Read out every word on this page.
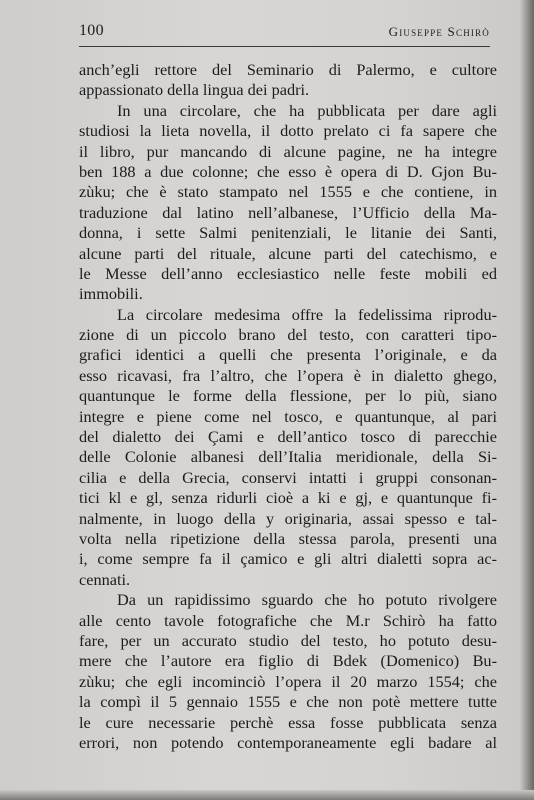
100	Giuseppe Schirò
anch’egli rettore del Seminario di Palermo, e cultore
appassionato della lingua dei padri.
In una circolare, che ha pubblicata per dare agli
studiosi la lieta novella, il dotto prelato ci fa sapere che
il libro, pur mancando di alcune pagine, ne ha integre
ben 188 a due colonne; che esso è opera di D. Gjon Bu-
zùku; che è stato stampato nel 1555 e che contiene, in
traduzione dal latino nell’albanese, l’Ufficio della Ma-
donna, i sette Salmi penitenziali, le litanie dei Santi,
alcune parti del rituale, alcune parti del catechismo, e
le Messe dell’anno ecclesiastico nelle feste mobili ed
immobili.
La circolare medesima offre la fedelissima riprodu-
zione di un piccolo brano del testo, con caratteri tipo-
grafici identici a quelli che presenta l’originale, e da
esso ricavasi, fra l’altro, che l’opera è in dialetto ghego,
quantunque le forme della flessione, per lo più, siano
integre e piene come nel tosco, e quantunque, al pari
del dialetto dei Çami e dell’antico tosco di parecchie
delle Colonie albanesi dell’Italia meridionale, della Si-
cilia e della Grecia, conservi intatti i gruppi consonan-
tici kl e gl, senza ridurli cioè a ki e gj, e quantunque fi-
nalmente, in luogo della y originaria, assai spesso e tal-
volta nella ripetizione della stessa parola, presenti una
i, come sempre fa il çamico e gli altri dialetti sopra ac-
cennati.
Da un rapidissimo sguardo che ho potuto rivolgere
alle cento tavole fotografiche che M.r Schirò ha fatto
fare, per un accurato studio del testo, ho potuto desu-
mere che l’autore era figlio di Bdek (Domenico) Bu-
zùku; che egli incominciò l’opera il 20 marzo 1554; che
la compì il 5 gennaio 1555 e che non potè mettere tutte
le cure necessarie perchè essa fosse pubblicata senza
errori, non potendo contemporaneamente egli badare al
